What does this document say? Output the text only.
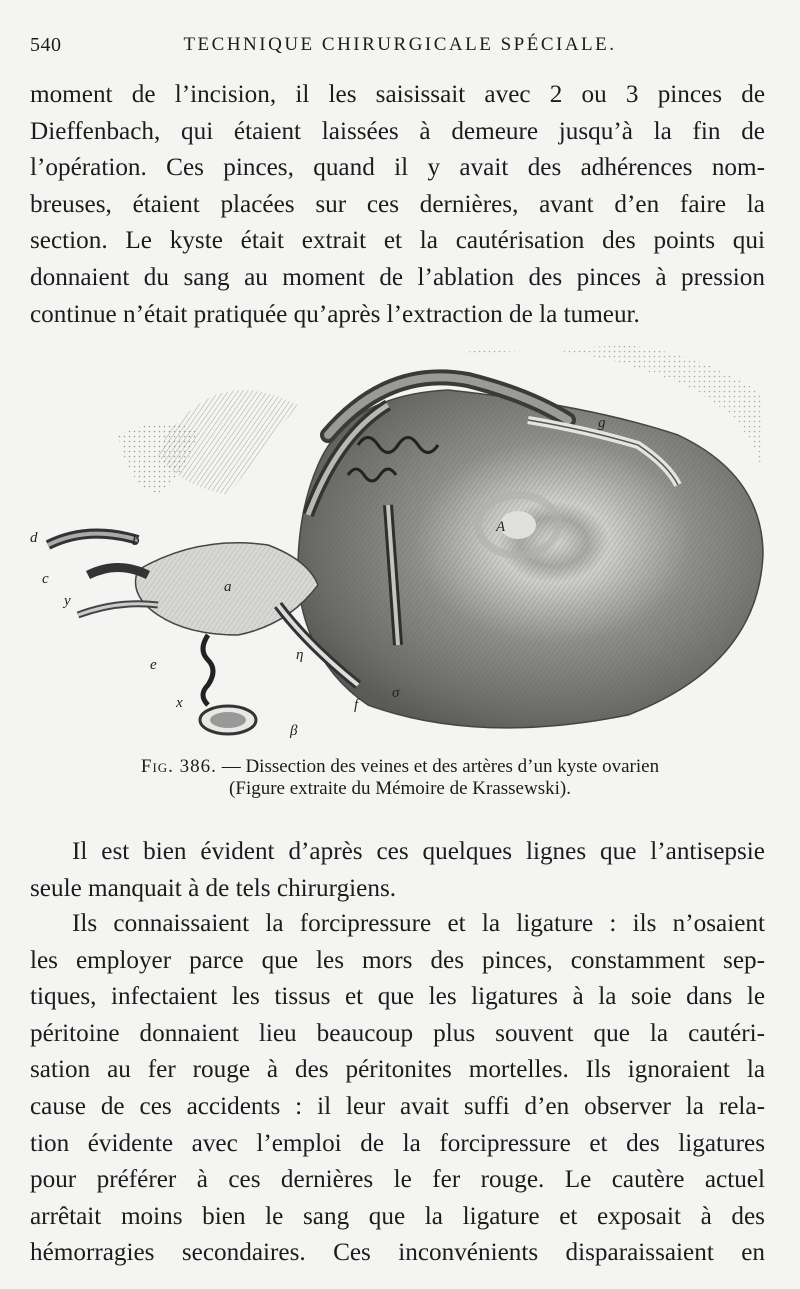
540	TECHNIQUE CHIRURGICALE SPÉCIALE.
moment de l’incision, il les saisissait avec 2 ou 3 pinces de
Dieffenbach, qui étaient laissées à demeure jusqu’à la fin de
l’opération. Ces pinces, quand il y avait des adhérences nom-
breuses, étaient placées sur ces dernières, avant d’en faire la
section. Le kyste était extrait et la cautérisation des points qui
donnaient du sang au moment de l’ablation des pinces à pression
continue n’était pratiquée qu’après l’extraction de la tumeur.
A
a
b
c
d
e
f
g
y
x
β
σ
η
Fig. 386. — Dissection des veines et des artères d’un kyste ovarien
(Figure extraite du Mémoire de Krassewski).
Il est bien évident d’après ces quelques lignes que l’antisepsie
seule manquait à de tels chirurgiens.
Ils connaissaient la forcipressure et la ligature : ils n’osaient
les employer parce que les mors des pinces, constamment sep-
tiques, infectaient les tissus et que les ligatures à la soie dans le
péritoine donnaient lieu beaucoup plus souvent que la cautéri-
sation au fer rouge à des péritonites mortelles. Ils ignoraient la
cause de ces accidents : il leur avait suffi d’en observer la rela-
tion évidente avec l’emploi de la forcipressure et des ligatures
pour préférer à ces dernières le fer rouge. Le cautère actuel
arrêtait moins bien le sang que la ligature et exposait à des
hémorragies secondaires. Ces inconvénients disparaissaient en
